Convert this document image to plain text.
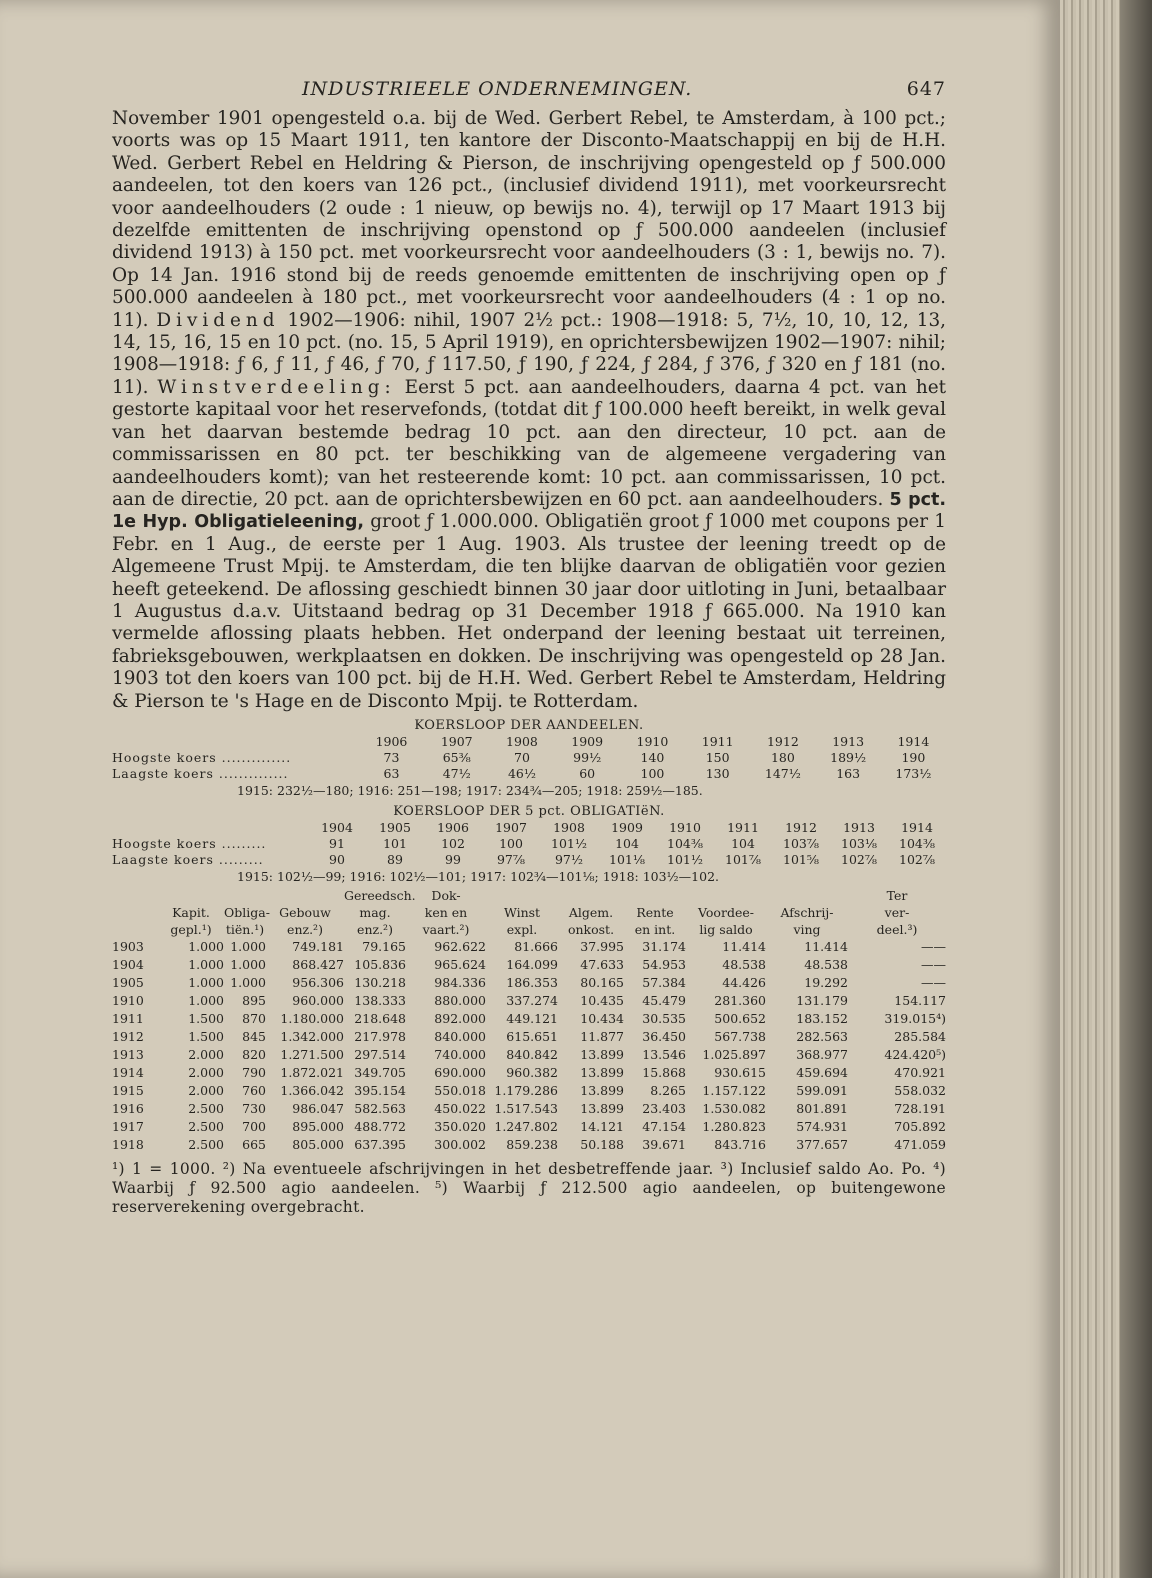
INDUSTRIEELE ONDERNEMINGEN.	647
November 1901 opengesteld o.a. bij de Wed. Gerbert Rebel, te Amsterdam, à 100 pct.; voorts was op 15 Maart 1911, ten kantore der Disconto-Maatschappij en bij de H.H. Wed. Gerbert Rebel en Heldring & Pierson, de inschrijving opengesteld op ƒ 500.000 aandeelen, tot den koers van 126 pct., (inclusief dividend 1911), met voorkeursrecht voor aandeelhouders (2 oude : 1 nieuw, op bewijs no. 4), terwijl op 17 Maart 1913 bij dezelfde emittenten de inschrijving openstond op ƒ 500.000 aandeelen (inclusief dividend 1913) à 150 pct. met voorkeursrecht voor aandeelhouders (3 : 1, bewijs no. 7). Op 14 Jan. 1916 stond bij de reeds genoemde emittenten de inschrijving open op ƒ 500.000 aandeelen à 180 pct., met voorkeursrecht voor aandeelhouders (4 : 1 op no. 11). Dividend 1902—1906: nihil, 1907 2½ pct.: 1908—1918: 5, 7½, 10, 10, 12, 13, 14, 15, 16, 15 en 10 pct. (no. 15, 5 April 1919), en oprichtersbewijzen 1902—1907: nihil; 1908—1918: ƒ 6, ƒ 11, ƒ 46, ƒ 70, ƒ 117.50, ƒ 190, ƒ 224, ƒ 284, ƒ 376, ƒ 320 en ƒ 181 (no. 11). Winstverdeeling: Eerst 5 pct. aan aandeelhouders, daarna 4 pct. van het gestorte kapitaal voor het reservefonds, (totdat dit ƒ 100.000 heeft bereikt, in welk geval van het daarvan bestemde bedrag 10 pct. aan den directeur, 10 pct. aan de commissarissen en 80 pct. ter beschikking van de algemeene vergadering van aandeelhouders komt); van het resteerende komt: 10 pct. aan commissarissen, 10 pct. aan de directie, 20 pct. aan de oprichtersbewijzen en 60 pct. aan aandeelhouders. 5 pct. 1e Hyp. Obligatieleening, groot ƒ 1.000.000. Obligatiën groot ƒ 1000 met coupons per 1 Febr. en 1 Aug., de eerste per 1 Aug. 1903. Als trustee der leening treedt op de Algemeene Trust Mpij. te Amsterdam, die ten blijke daarvan de obligatiën voor gezien heeft geteekend. De aflossing geschiedt binnen 30 jaar door uitloting in Juni, betaalbaar 1 Augustus d.a.v. Uitstaand bedrag op 31 December 1918 ƒ 665.000. Na 1910 kan vermelde aflossing plaats hebben. Het onderpand der leening bestaat uit terreinen, fabrieksgebouwen, werkplaatsen en dokken. De inschrijving was opengesteld op 28 Jan. 1903 tot den koers van 100 pct. bij de H.H. Wed. Gerbert Rebel te Amsterdam, Heldring & Pierson te 's Hage en de Disconto Mpij. te Rotterdam.
KOERSLOOP DER AANDEELEN.
	1906	1907	1908	1909	1910	1911	1912	1913	1914
Hoogste koers ..............	73	65⅜	70	99½	140	150	180	189½	190
Laagste koers ..............	63	47½	46½	60	100	130	147½	163	173½
1915: 232½—180; 1916: 251—198; 1917: 234¾—205; 1918: 259½—185.
KOERSLOOP DER 5 pct. OBLIGATIëN.
	1904	1905	1906	1907	1908	1909	1910	1911	1912	1913	1914
Hoogste koers .........	91	101	102	100	101½	104	104⅜	104	103⅞	103⅛	104⅜
Laagste koers .........	90	89	99	97⅞	97½	101⅛	101½	101⅞	101⅝	102⅞	102⅞
1915: 102½—99; 1916: 102½—101; 1917: 102¾—101⅛; 1918: 103½—102.
				Gereedsch.	Dok-						Ter
	Kapit.	Obliga-	Gebouw	mag.	ken en	Winst	Algem.	Rente	Voordee-	Afschrij-	ver-
	gepl.¹)	tiën.¹)	enz.²)	enz.²)	vaart.²)	expl.	onkost.	en int.	lig saldo	ving	deel.³)
1903	1.000	1.000	749.181	79.165	962.622	81.666	37.995	31.174	11.414	11.414	——
1904	1.000	1.000	868.427	105.836	965.624	164.099	47.633	54.953	48.538	48.538	——
1905	1.000	1.000	956.306	130.218	984.336	186.353	80.165	57.384	44.426	19.292	——
1910	1.000	895	960.000	138.333	880.000	337.274	10.435	45.479	281.360	131.179	154.117
1911	1.500	870	1.180.000	218.648	892.000	449.121	10.434	30.535	500.652	183.152	319.015⁴)
1912	1.500	845	1.342.000	217.978	840.000	615.651	11.877	36.450	567.738	282.563	285.584
1913	2.000	820	1.271.500	297.514	740.000	840.842	13.899	13.546	1.025.897	368.977	424.420⁵)
1914	2.000	790	1.872.021	349.705	690.000	960.382	13.899	15.868	930.615	459.694	470.921
1915	2.000	760	1.366.042	395.154	550.018	1.179.286	13.899	8.265	1.157.122	599.091	558.032
1916	2.500	730	986.047	582.563	450.022	1.517.543	13.899	23.403	1.530.082	801.891	728.191
1917	2.500	700	895.000	488.772	350.020	1.247.802	14.121	47.154	1.280.823	574.931	705.892
1918	2.500	665	805.000	637.395	300.002	859.238	50.188	39.671	843.716	377.657	471.059
¹) 1 = 1000. ²) Na eventueele afschrijvingen in het desbetreffende jaar. ³) Inclusief saldo Ao. Po. ⁴) Waarbij ƒ 92.500 agio aandeelen. ⁵) Waarbij ƒ 212.500 agio aandeelen, op buitengewone reserverekening overgebracht.
